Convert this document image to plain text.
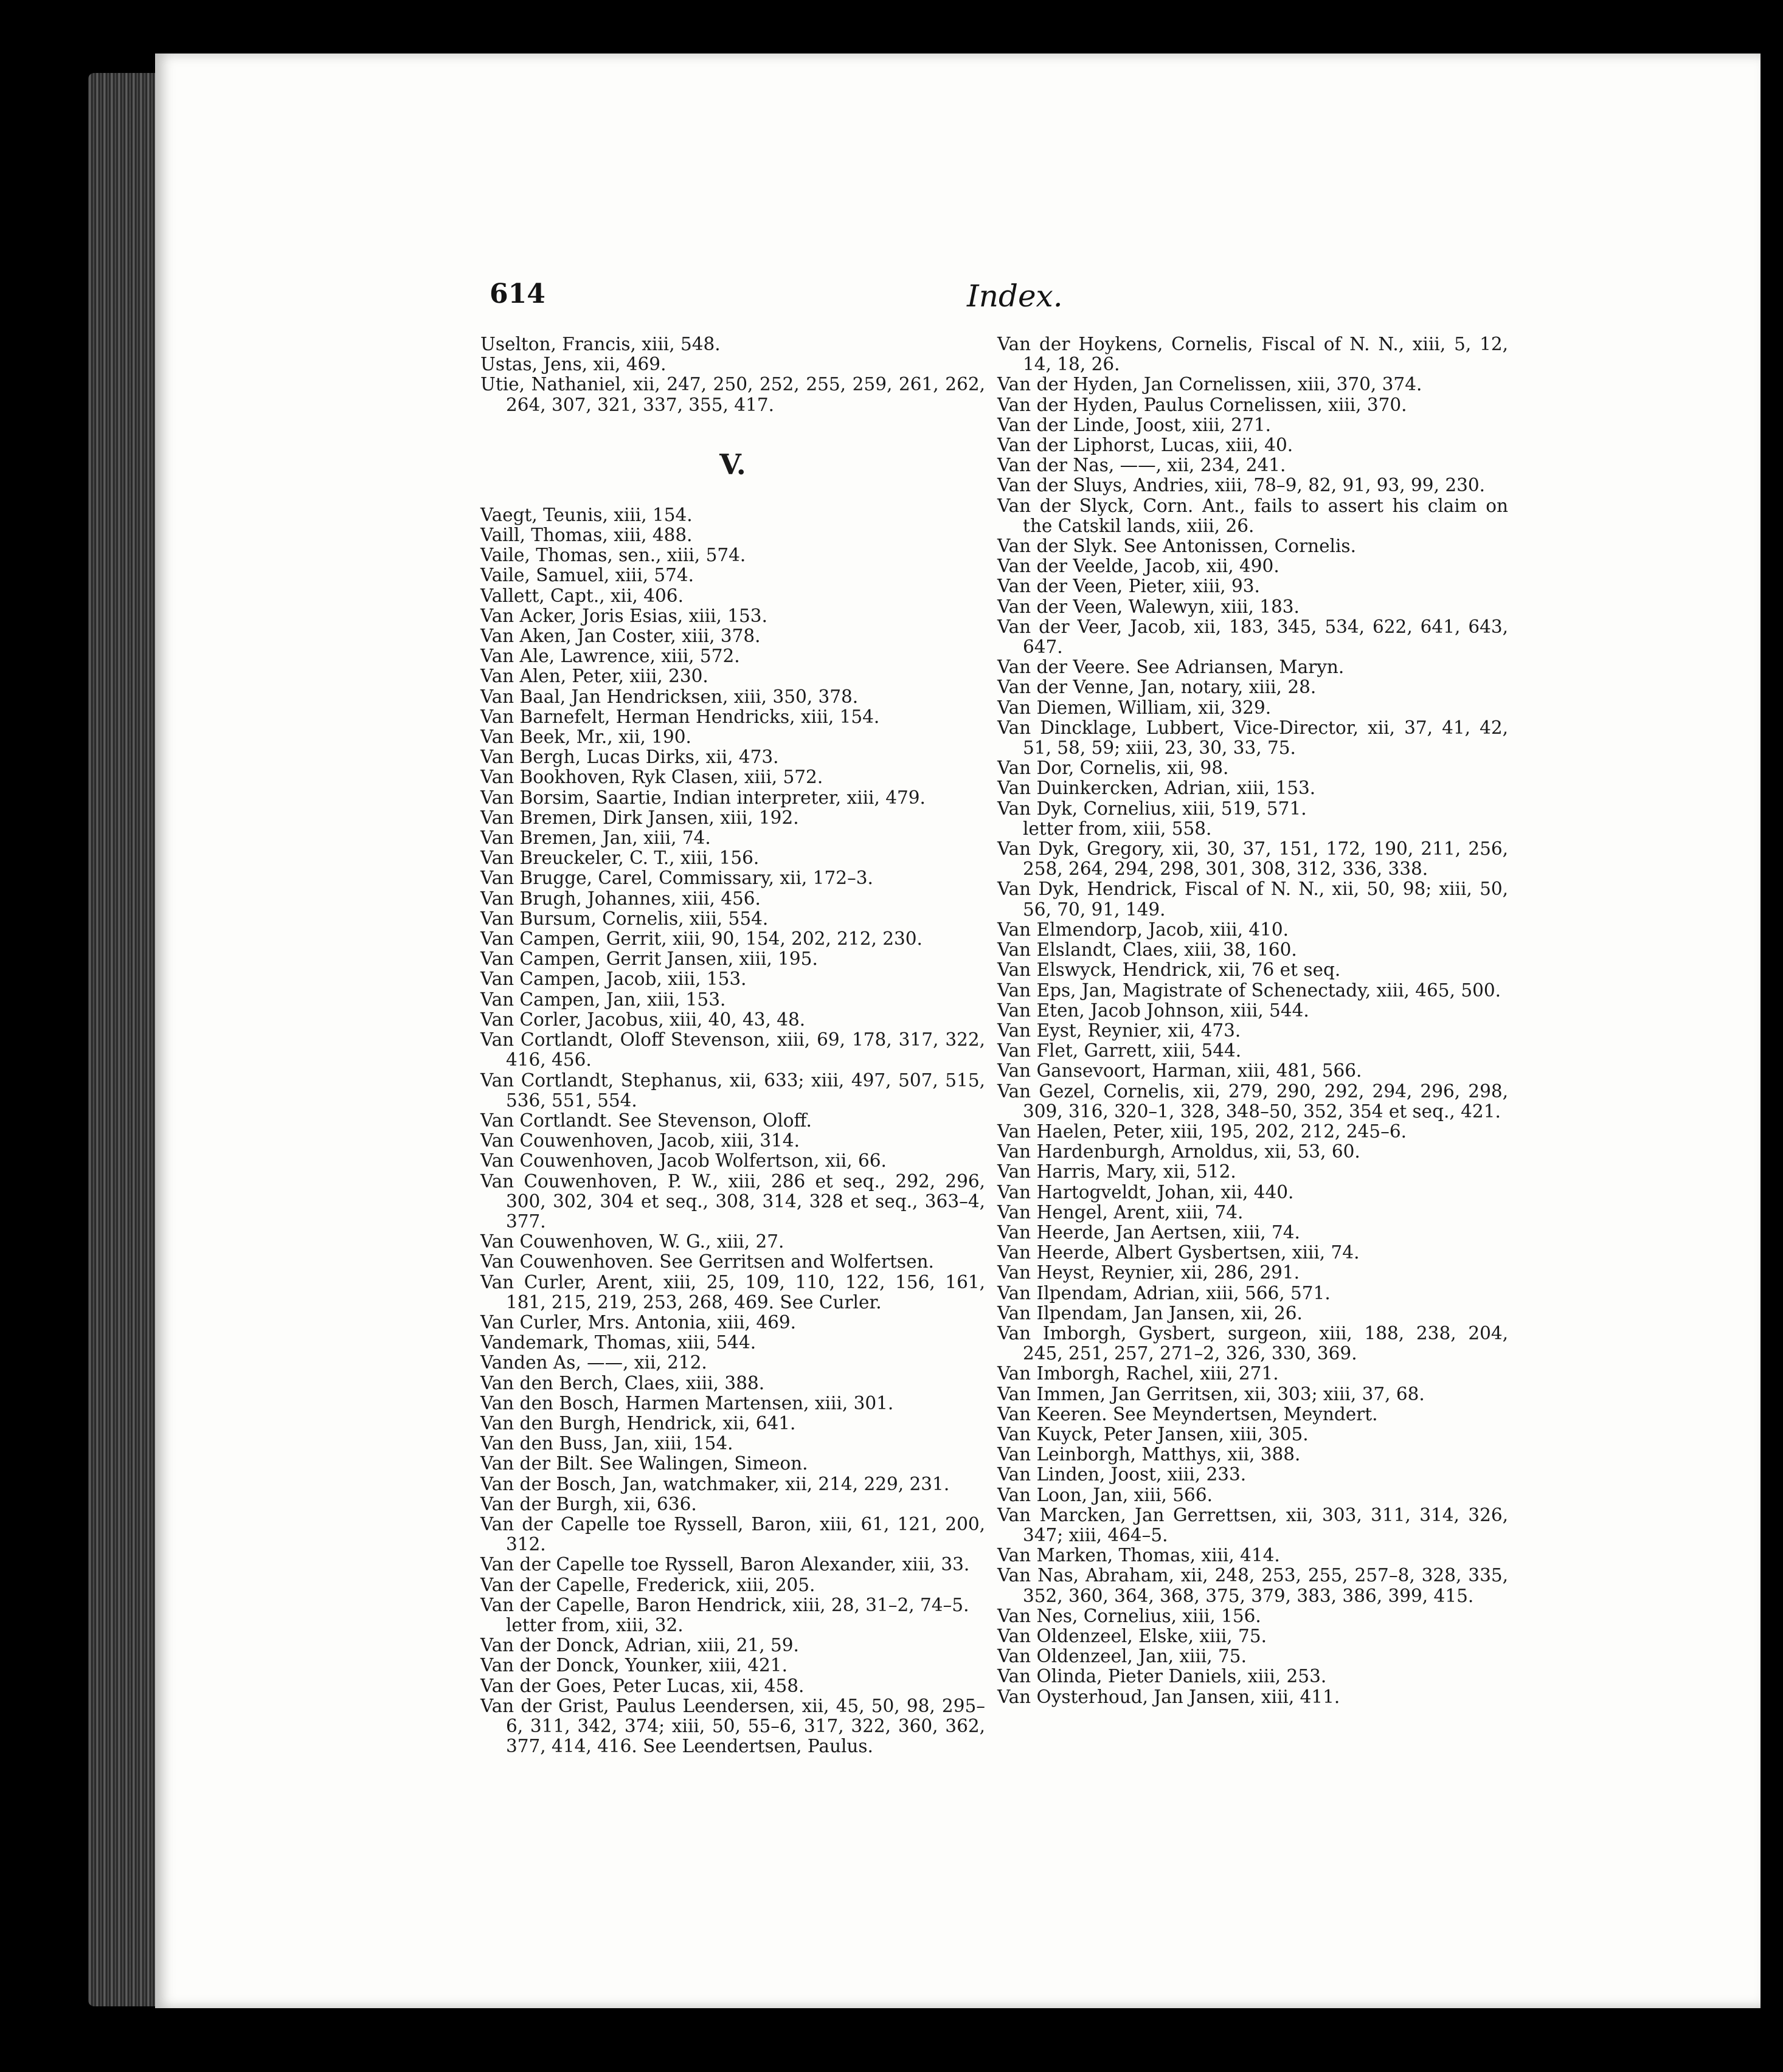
614	Index.
Uselton, Francis, xiii, 548.
Ustas, Jens, xii, 469.
Utie, Nathaniel, xii, 247, 250, 252, 255, 259, 261, 262, 264, 307, 321, 337, 355, 417.
V.
Vaegt, Teunis, xiii, 154.
Vaill, Thomas, xiii, 488.
Vaile, Thomas, sen., xiii, 574.
Vaile, Samuel, xiii, 574.
Vallett, Capt., xii, 406.
Van Acker, Joris Esias, xiii, 153.
Van Aken, Jan Coster, xiii, 378.
Van Ale, Lawrence, xiii, 572.
Van Alen, Peter, xiii, 230.
Van Baal, Jan Hendricksen, xiii, 350, 378.
Van Barnefelt, Herman Hendricks, xiii, 154.
Van Beek, Mr., xii, 190.
Van Bergh, Lucas Dirks, xii, 473.
Van Bookhoven, Ryk Clasen, xiii, 572.
Van Borsim, Saartie, Indian interpreter, xiii, 479.
Van Bremen, Dirk Jansen, xiii, 192.
Van Bremen, Jan, xiii, 74.
Van Breuckeler, C. T., xiii, 156.
Van Brugge, Carel, Commissary, xii, 172–3.
Van Brugh, Johannes, xiii, 456.
Van Bursum, Cornelis, xiii, 554.
Van Campen, Gerrit, xiii, 90, 154, 202, 212, 230.
Van Campen, Gerrit Jansen, xiii, 195.
Van Campen, Jacob, xiii, 153.
Van Campen, Jan, xiii, 153.
Van Corler, Jacobus, xiii, 40, 43, 48.
Van Cortlandt, Oloff Stevenson, xiii, 69, 178, 317, 322, 416, 456.
Van Cortlandt, Stephanus, xii, 633; xiii, 497, 507, 515, 536, 551, 554.
Van Cortlandt. See Stevenson, Oloff.
Van Couwenhoven, Jacob, xiii, 314.
Van Couwenhoven, Jacob Wolfertson, xii, 66.
Van Couwenhoven, P. W., xiii, 286 et seq., 292, 296, 300, 302, 304 et seq., 308, 314, 328 et seq., 363–4, 377.
Van Couwenhoven, W. G., xiii, 27.
Van Couwenhoven. See Gerritsen and Wolfertsen.
Van Curler, Arent, xiii, 25, 109, 110, 122, 156, 161, 181, 215, 219, 253, 268, 469. See Curler.
Van Curler, Mrs. Antonia, xiii, 469.
Vandemark, Thomas, xiii, 544.
Vanden As, ——, xii, 212.
Van den Berch, Claes, xiii, 388.
Van den Bosch, Harmen Martensen, xiii, 301.
Van den Burgh, Hendrick, xii, 641.
Van den Buss, Jan, xiii, 154.
Van der Bilt. See Walingen, Simeon.
Van der Bosch, Jan, watchmaker, xii, 214, 229, 231.
Van der Burgh, xii, 636.
Van der Capelle toe Ryssell, Baron, xiii, 61, 121, 200, 312.
Van der Capelle toe Ryssell, Baron Alexander, xiii, 33.
Van der Capelle, Frederick, xiii, 205.
Van der Capelle, Baron Hendrick, xiii, 28, 31–2, 74–5.
letter from, xiii, 32.
Van der Donck, Adrian, xiii, 21, 59.
Van der Donck, Younker, xiii, 421.
Van der Goes, Peter Lucas, xii, 458.
Van der Grist, Paulus Leendersen, xii, 45, 50, 98, 295–6, 311, 342, 374; xiii, 50, 55–6, 317, 322, 360, 362, 377, 414, 416. See Leendertsen, Paulus.
Van der Hoykens, Cornelis, Fiscal of N. N., xiii, 5, 12, 14, 18, 26.
Van der Hyden, Jan Cornelissen, xiii, 370, 374.
Van der Hyden, Paulus Cornelissen, xiii, 370.
Van der Linde, Joost, xiii, 271.
Van der Liphorst, Lucas, xiii, 40.
Van der Nas, ——, xii, 234, 241.
Van der Sluys, Andries, xiii, 78–9, 82, 91, 93, 99, 230.
Van der Slyck, Corn. Ant., fails to assert his claim on the Catskil lands, xiii, 26.
Van der Slyk. See Antonissen, Cornelis.
Van der Veelde, Jacob, xii, 490.
Van der Veen, Pieter, xiii, 93.
Van der Veen, Walewyn, xiii, 183.
Van der Veer, Jacob, xii, 183, 345, 534, 622, 641, 643, 647.
Van der Veere. See Adriansen, Maryn.
Van der Venne, Jan, notary, xiii, 28.
Van Diemen, William, xii, 329.
Van Dincklage, Lubbert, Vice-Director, xii, 37, 41, 42, 51, 58, 59; xiii, 23, 30, 33, 75.
Van Dor, Cornelis, xii, 98.
Van Duinkercken, Adrian, xiii, 153.
Van Dyk, Cornelius, xiii, 519, 571.
letter from, xiii, 558.
Van Dyk, Gregory, xii, 30, 37, 151, 172, 190, 211, 256, 258, 264, 294, 298, 301, 308, 312, 336, 338.
Van Dyk, Hendrick, Fiscal of N. N., xii, 50, 98; xiii, 50, 56, 70, 91, 149.
Van Elmendorp, Jacob, xiii, 410.
Van Elslandt, Claes, xiii, 38, 160.
Van Elswyck, Hendrick, xii, 76 et seq.
Van Eps, Jan, Magistrate of Schenectady, xiii, 465, 500.
Van Eten, Jacob Johnson, xiii, 544.
Van Eyst, Reynier, xii, 473.
Van Flet, Garrett, xiii, 544.
Van Gansevoort, Harman, xiii, 481, 566.
Van Gezel, Cornelis, xii, 279, 290, 292, 294, 296, 298, 309, 316, 320–1, 328, 348–50, 352, 354 et seq., 421.
Van Haelen, Peter, xiii, 195, 202, 212, 245–6.
Van Hardenburgh, Arnoldus, xii, 53, 60.
Van Harris, Mary, xii, 512.
Van Hartogveldt, Johan, xii, 440.
Van Hengel, Arent, xiii, 74.
Van Heerde, Jan Aertsen, xiii, 74.
Van Heerde, Albert Gysbertsen, xiii, 74.
Van Heyst, Reynier, xii, 286, 291.
Van Ilpendam, Adrian, xiii, 566, 571.
Van Ilpendam, Jan Jansen, xii, 26.
Van Imborgh, Gysbert, surgeon, xiii, 188, 238, 204, 245, 251, 257, 271–2, 326, 330, 369.
Van Imborgh, Rachel, xiii, 271.
Van Immen, Jan Gerritsen, xii, 303; xiii, 37, 68.
Van Keeren. See Meyndertsen, Meyndert.
Van Kuyck, Peter Jansen, xiii, 305.
Van Leinborgh, Matthys, xii, 388.
Van Linden, Joost, xiii, 233.
Van Loon, Jan, xiii, 566.
Van Marcken, Jan Gerrettsen, xii, 303, 311, 314, 326, 347; xiii, 464–5.
Van Marken, Thomas, xiii, 414.
Van Nas, Abraham, xii, 248, 253, 255, 257–8, 328, 335, 352, 360, 364, 368, 375, 379, 383, 386, 399, 415.
Van Nes, Cornelius, xiii, 156.
Van Oldenzeel, Elske, xiii, 75.
Van Oldenzeel, Jan, xiii, 75.
Van Olinda, Pieter Daniels, xiii, 253.
Van Oysterhoud, Jan Jansen, xiii, 411.
